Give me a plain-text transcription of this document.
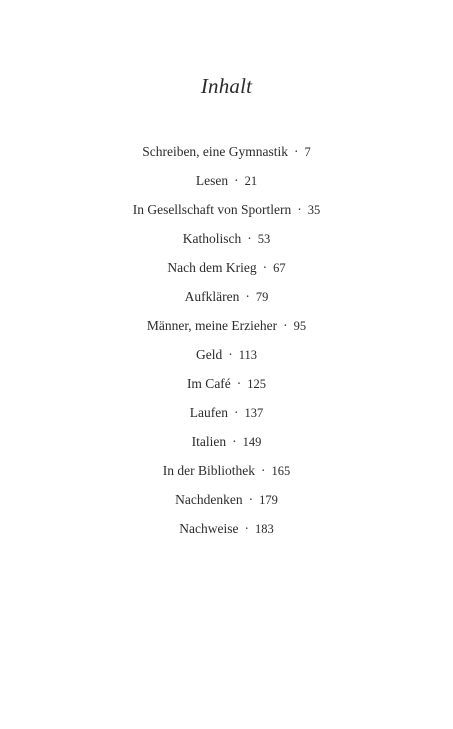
Inhalt
Schreiben, eine Gymnastik · 7
Lesen · 21
In Gesellschaft von Sportlern · 35
Katholisch · 53
Nach dem Krieg · 67
Aufklären · 79
Männer, meine Erzieher · 95
Geld · 113
Im Café · 125
Laufen · 137
Italien · 149
In der Bibliothek · 165
Nachdenken · 179
Nachweise · 183
